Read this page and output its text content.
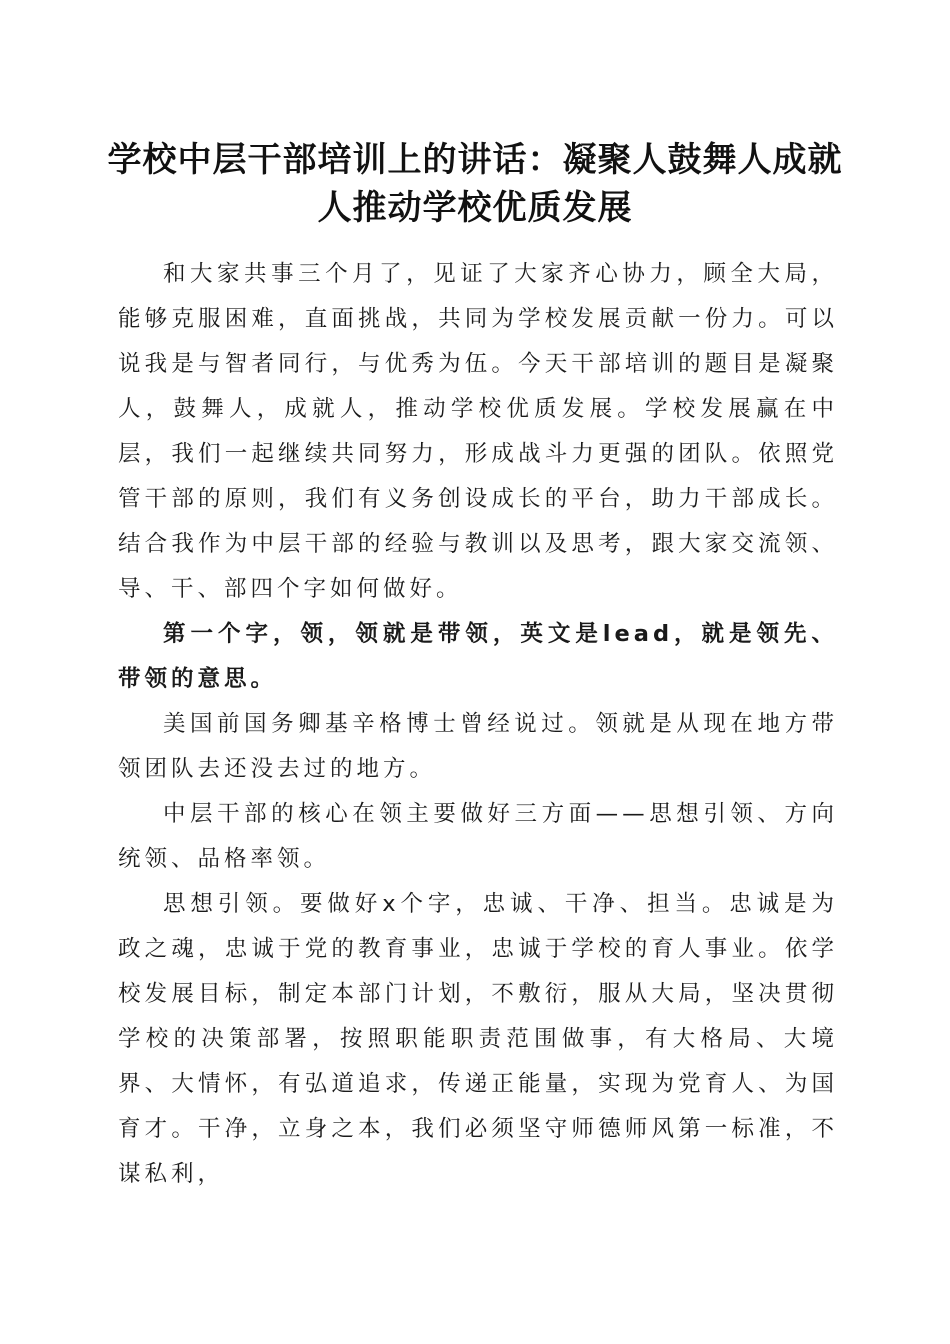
学校中层干部培训上的讲话：凝聚人鼓舞人成就人推动学校优质发展

和大家共事三个月了，见证了大家齐心协力，顾全大局，能够克服困难，直面挑战，共同为学校发展贡献一份力。可以说我是与智者同行，与优秀为伍。今天干部培训的题目是凝聚人，鼓舞人，成就人，推动学校优质发展。学校发展赢在中层，我们一起继续共同努力，形成战斗力更强的团队。依照党管干部的原则，我们有义务创设成长的平台，助力干部成长。结合我作为中层干部的经验与教训以及思考，跟大家交流领、导、干、部四个字如何做好。

第一个字，领，领就是带领，英文是lead，就是领先、带领的意思。

美国前国务卿基辛格博士曾经说过。领就是从现在地方带领团队去还没去过的地方。

中层干部的核心在领主要做好三方面——思想引领、方向统领、品格率领。

思想引领。要做好x个字，忠诚、干净、担当。忠诚是为政之魂，忠诚于党的教育事业，忠诚于学校的育人事业。依学校发展目标，制定本部门计划，不敷衍，服从大局，坚决贯彻学校的决策部署，按照职能职责范围做事，有大格局、大境界、大情怀，有弘道追求，传递正能量，实现为党育人、为国育才。干净，立身之本，我们必须坚守师德师风第一标准，不谋私利，
